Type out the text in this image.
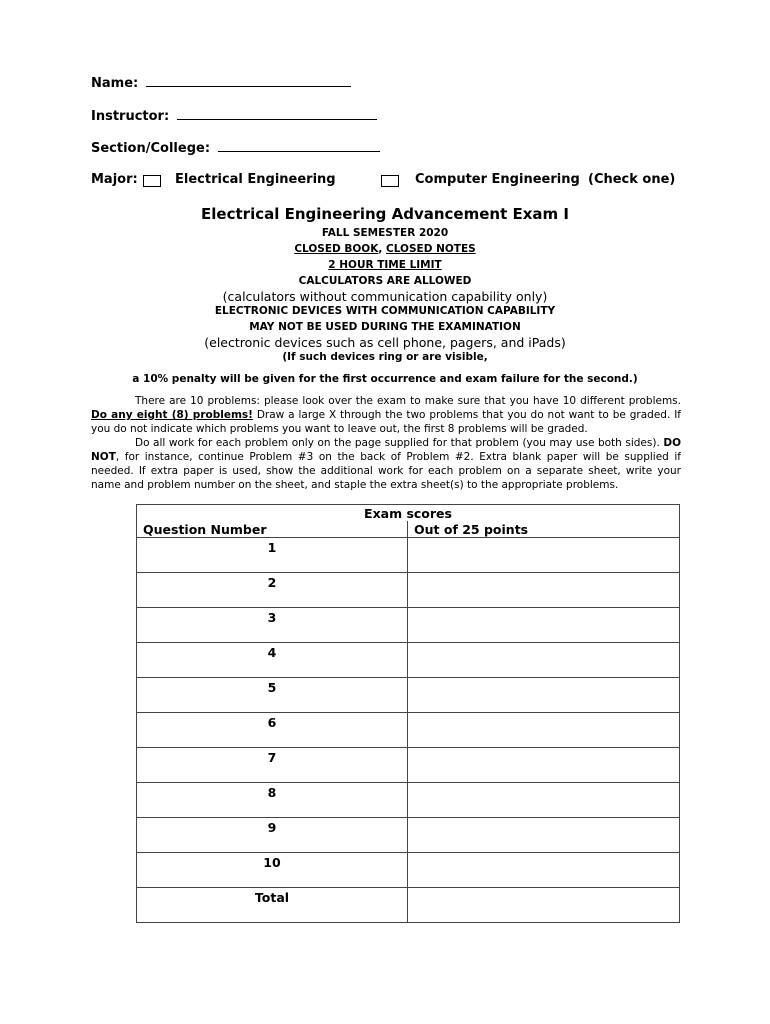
Name:
Instructor:
Section/College:
Major:	Electrical Engineering	Computer Engineering (Check one)
Electrical Engineering Advancement Exam I
FALL SEMESTER 2020
CLOSED BOOK, CLOSED NOTES
2 HOUR TIME LIMIT
CALCULATORS ARE ALLOWED
(calculators without communication capability only)
ELECTRONIC DEVICES WITH COMMUNICATION CAPABILITY
MAY NOT BE USED DURING THE EXAMINATION
(electronic devices such as cell phone, pagers, and iPads)
(If such devices ring or are visible,
a 10% penalty will be given for the first occurrence and exam failure for the second.)

There are 10 problems: please look over the exam to make sure that you have 10 different problems. Do any eight (8) problems! Draw a large X through the two problems that you do not want to be graded. If you do not indicate which problems you want to leave out, the first 8 problems will be graded.

Do all work for each problem only on the page supplied for that problem (you may use both sides). DO NOT, for instance, continue Problem #3 on the back of Problem #2. Extra blank paper will be supplied if needed. If extra paper is used, show the additional work for each problem on a separate sheet, write your name and problem number on the sheet, and staple the extra sheet(s) to the appropriate problems.

Exam scores	
Question Number	Out of 25 points
1	
2	
3	
4	
5	
6	
7	
8	
9	
10	
Total	
